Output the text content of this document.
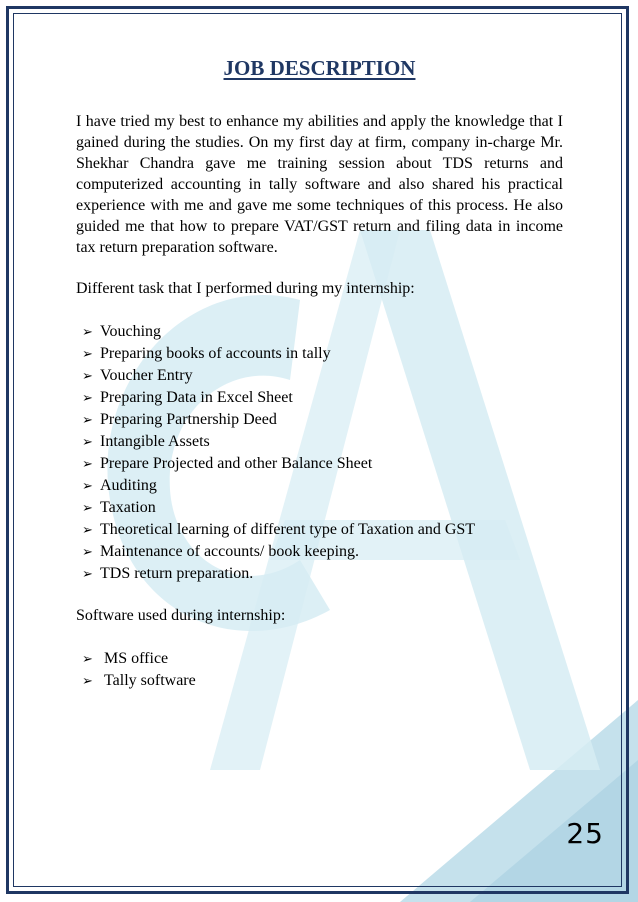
JOB DESCRIPTION

I have tried my best to enhance my abilities and apply the knowledge that I gained during the studies. On my first day at firm, company in-charge Mr. Shekhar Chandra gave me training session about TDS returns and computerized accounting in tally software and also shared his practical experience with me and gave me some techniques of this process. He also guided me that how to prepare VAT/GST return and filing data in income tax return preparation software.

Different task that I performed during my internship:

➢ Vouching
➢ Preparing books of accounts in tally
➢ Voucher Entry
➢ Preparing Data in Excel Sheet
➢ Preparing Partnership Deed
➢ Intangible Assets
➢ Prepare Projected and other Balance Sheet
➢ Auditing
➢ Taxation
➢ Theoretical learning of different type of Taxation and GST
➢ Maintenance of accounts/ book keeping.
➢ TDS return preparation.

Software used during internship:

➢ MS office
➢ Tally software
25
